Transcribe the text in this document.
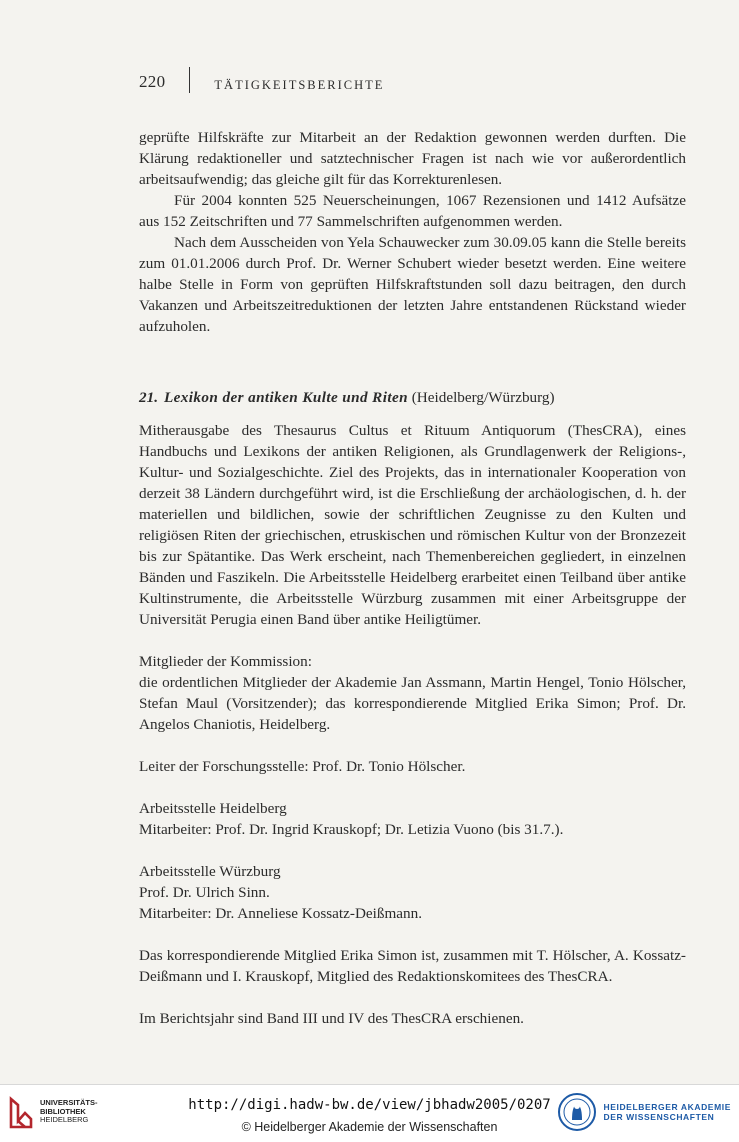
220	TÄTIGKEITSBERICHTE

geprüfte Hilfskräfte zur Mitarbeit an der Redaktion gewonnen werden durften. Die Klärung redaktioneller und satztechnischer Fragen ist nach wie vor außerordentlich arbeitsaufwendig; das gleiche gilt für das Korrekturenlesen.

Für 2004 konnten 525 Neuerscheinungen, 1067 Rezensionen und 1412 Aufsätze aus 152 Zeitschriften und 77 Sammelschriften aufgenommen werden.

Nach dem Ausscheiden von Yela Schauwecker zum 30.09.05 kann die Stelle bereits zum 01.01.2006 durch Prof. Dr. Werner Schubert wieder besetzt werden. Eine weitere halbe Stelle in Form von geprüften Hilfskraftstunden soll dazu beitragen, den durch Vakanzen und Arbeitszeitreduktionen der letzten Jahre entstandenen Rückstand wieder aufzuholen.

21. Lexikon der antiken Kulte und Riten (Heidelberg/Würzburg)

Mitherausgabe des Thesaurus Cultus et Rituum Antiquorum (ThesCRA), eines Handbuchs und Lexikons der antiken Religionen, als Grundlagenwerk der Religions-, Kultur- und Sozialgeschichte. Ziel des Projekts, das in internationaler Kooperation von derzeit 38 Ländern durchgeführt wird, ist die Erschließung der archäologischen, d. h. der materiellen und bildlichen, sowie der schriftlichen Zeugnisse zu den Kulten und religiösen Riten der griechischen, etruskischen und römischen Kultur von der Bronzezeit bis zur Spätantike. Das Werk erscheint, nach Themenbereichen gegliedert, in einzelnen Bänden und Faszikeln. Die Arbeitsstelle Heidelberg erarbeitet einen Teilband über antike Kultinstrumente, die Arbeitsstelle Würzburg zusammen mit einer Arbeitsgruppe der Universität Perugia einen Band über antike Heiligtümer.

Mitglieder der Kommission:

die ordentlichen Mitglieder der Akademie Jan Assmann, Martin Hengel, Tonio Hölscher, Stefan Maul (Vorsitzender); das korrespondierende Mitglied Erika Simon; Prof. Dr. Angelos Chaniotis, Heidelberg.

Leiter der Forschungsstelle: Prof. Dr. Tonio Hölscher.

Arbeitsstelle Heidelberg

Mitarbeiter: Prof. Dr. Ingrid Krauskopf; Dr. Letizia Vuono (bis 31.7.).

Arbeitsstelle Würzburg

Prof. Dr. Ulrich Sinn.

Mitarbeiter: Dr. Anneliese Kossatz-Deißmann.

Das korrespondierende Mitglied Erika Simon ist, zusammen mit T. Hölscher, A. Kossatz-Deißmann und I. Krauskopf, Mitglied des Redaktionskomitees des ThesCRA.

Im Berichtsjahr sind Band III und IV des ThesCRA erschienen.

UNIVERSITÄTS-
BIBLIOTHEK
HEIDELBERG
http://digi.hadw-bw.de/view/jbhadw2005/0207
© Heidelberger Akademie der Wissenschaften
HEIDELBERGER AKADEMIE
DER WISSENSCHAFTEN
